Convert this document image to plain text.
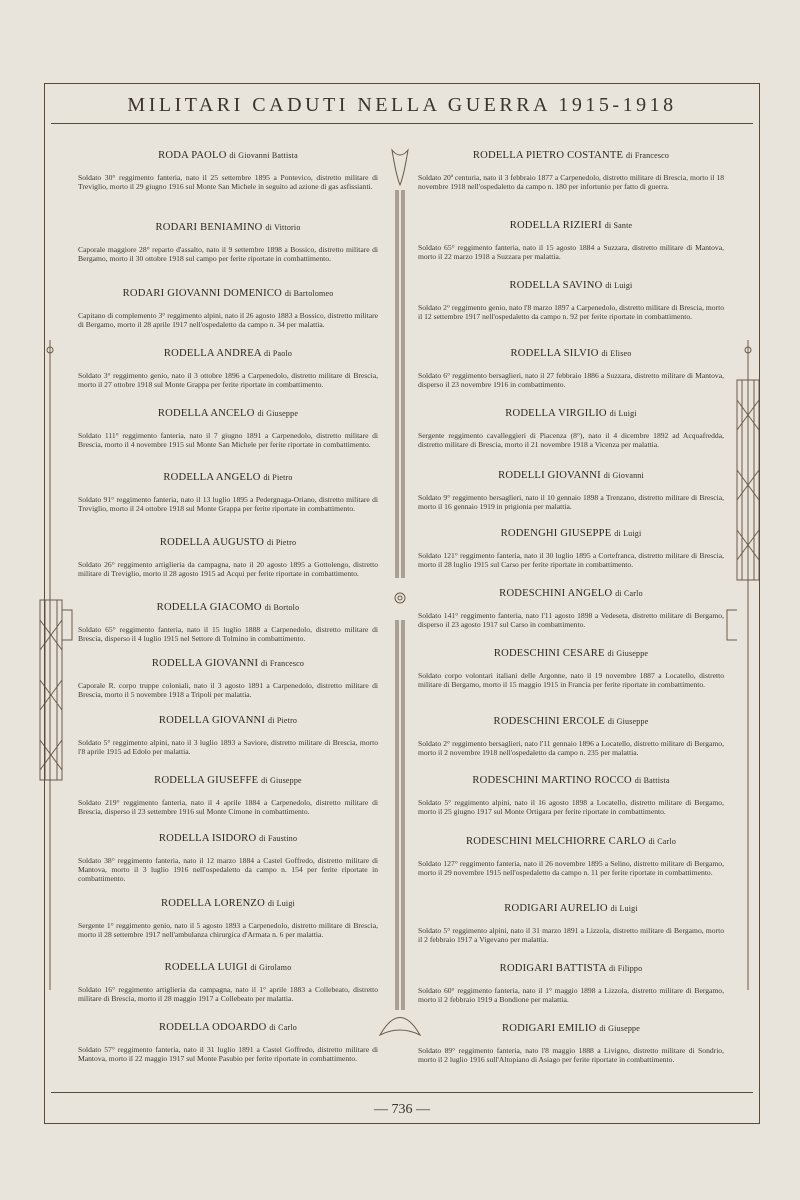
MILITARI CADUTI NELLA GUERRA 1915-1918
— 736 —
RODA PAOLO di Giovanni Battista
Soldato 30° reggimento fanteria, nato il 25 settembre 1895 a Pontevico, distretto militare di Treviglio, morto il 29 giugno 1916 sul Monte San Michele in seguito ad azione di gas asfissianti.
RODARI BENIAMINO di Vittorio
Caporale maggiore 28° reparto d'assalto, nato il 9 settembre 1898 a Bossico, distretto militare di Bergamo, morto il 30 ottobre 1918 sul campo per ferite riportate in combattimento.
RODARI GIOVANNI DOMENICO di Bartolomeo
Capitano di complemento 3° reggimento alpini, nato il 26 agosto 1883 a Bossico, distretto militare di Bergamo, morto il 28 aprile 1917 nell'ospedaletto da campo n. 34 per malattia.
RODELLA ANDREA di Paolo
Soldato 3° reggimento genio, nato il 3 ottobre 1896 a Carpenedolo, distretto militare di Brescia, morto il 27 ottobre 1918 sul Monte Grappa per ferite riportate in combattimento.
RODELLA ANCELO di Giuseppe
Soldato 111° reggimento fanteria, nato il 7 giugno 1891 a Carpenedolo, distretto militare di Brescia, morto il 4 novembre 1915 sul Monte San Michele per ferite riportate in combattimento.
RODELLA ANGELO di Pietro
Soldato 91° reggimento fanteria, nato il 13 luglio 1895 a Pedergnaga-Oriano, distretto militare di Treviglio, morto il 24 ottobre 1918 sul Monte Grappa per ferite riportate in combattimento.
RODELLA AUGUSTO di Pietro
Soldato 26° reggimento artiglieria da campagna, nato il 20 agosto 1895 a Gottolengo, distretto militare di Treviglio, morto il 28 agosto 1915 ad Acqui per ferite riportate in combattimento.
RODELLA GIACOMO di Bortolo
Soldato 65° reggimento fanteria, nato il 15 luglio 1888 a Carpenedolo, distretto militare di Brescia, disperso il 4 luglio 1915 nel Settore di Tolmino in combattimento.
RODELLA GIOVANNI di Francesco
Caporale R. corpo truppe coloniali, nato il 3 agosto 1891 a Carpenedolo, distretto militare di Brescia, morto il 5 novembre 1918 a Tripoli per malattia.
RODELLA GIOVANNI di Pietro
Soldato 5° reggimento alpini, nato il 3 luglio 1893 a Saviore, distretto militare di Brescia, morto l'8 aprile 1915 ad Edolo per malattia.
RODELLA GIUSEFFE di Giuseppe
Soldato 219° reggimento fanteria, nato il 4 aprile 1884 a Carpenedolo, distretto militare di Brescia, disperso il 23 settembre 1916 sul Monte Cimone in combattimento.
RODELLA ISIDORO di Faustino
Soldato 38° reggimento fanteria, nato il 12 marzo 1884 a Castel Goffredo, distretto militare di Mantova, morto il 3 luglio 1916 nell'ospedaletto da campo n. 154 per ferite riportate in combattimento.
RODELLA LORENZO di Luigi
Sergente 1° reggimento genio, nato il 5 agosto 1893 a Carpenedolo, distretto militare di Brescia, morto il 28 settembre 1917 nell'ambulanza chirurgica d'Armata n. 6 per malattia.
RODELLA LUIGI di Girolamo
Soldato 16° reggimento artiglieria da campagna, nato il 1° aprile 1883 a Collebeato, distretto militare di Brescia, morto il 28 maggio 1917 a Collebeato per malattia.
RODELLA ODOARDO di Carlo
Soldato 57° reggimento fanteria, nato il 31 luglio 1891 a Castel Goffredo, distretto militare di Mantova, morto il 22 maggio 1917 sul Monte Pasubio per ferite riportate in combattimento.
RODELLA PIETRO COSTANTE di Francesco
Soldato 20ª centuria, nato il 3 febbraio 1877 a Carpenedolo, distretto militare di Brescia, morto il 18 novembre 1918 nell'ospedaletto da campo n. 180 per infortunio per fatto di guerra.
RODELLA RIZIERI di Sante
Soldato 65° reggimento fanteria, nato il 15 agosto 1884 a Suzzara, distretto militare di Mantova, morto il 22 marzo 1918 a Suzzara per malattia.
RODELLA SAVINO di Luigi
Soldato 2° reggimento genio, nato l'8 marzo 1897 a Carpenedolo, distretto militare di Brescia, morto il 12 settembre 1917 nell'ospedaletto da campo n. 92 per ferite riportate in combattimento.
RODELLA SILVIO di Eliseo
Soldato 6° reggimento bersaglieri, nato il 27 febbraio 1886 a Suzzara, distretto militare di Mantova, disperso il 23 novembre 1916 in combattimento.
RODELLA VIRGILIO di Luigi
Sergente reggimento cavalleggieri di Piacenza (8°), nato il 4 dicembre 1892 ad Acquafredda, distretto militare di Brescia, morto il 21 novembre 1918 a Vicenza per malattia.
RODELLI GIOVANNI di Giovanni
Soldato 9° reggimento bersaglieri, nato il 10 gennaio 1898 a Trenzano, distretto militare di Brescia, morto il 16 gennaio 1919 in prigionia per malattia.
RODENGHI GIUSEPPE di Luigi
Soldato 121° reggimento fanteria, nato il 30 luglio 1895 a Cortefranca, distretto militare di Brescia, morto il 28 luglio 1915 sul Carso per ferite riportate in combattimento.
RODESCHINI ANGELO di Carlo
Soldato 141° reggimento fanteria, nato l'11 agosto 1898 a Vedeseta, distretto militare di Bergamo, disperso il 23 agosto 1917 sul Carso in combattimento.
RODESCHINI CESARE di Giuseppe
Soldato corpo volontari italiani delle Argonne, nato il 19 novembre 1887 a Locatello, distretto militare di Bergamo, morto il 15 maggio 1915 in Francia per ferite riportate in combattimento.
RODESCHINI ERCOLE di Giuseppe
Soldato 2° reggimento bersaglieri, nato l'11 gennaio 1896 a Locatello, distretto militare di Bergamo, morto il 2 novembre 1918 nell'ospedaletto da campo n. 235 per malattia.
RODESCHINI MARTINO ROCCO di Battista
Soldato 5° reggimento alpini, nato il 16 agosto 1898 a Locatello, distretto militare di Bergamo, morto il 25 giugno 1917 sul Monte Ortigara per ferite riportate in combattimento.
RODESCHINI MELCHIORRE CARLO di Carlo
Soldato 127° reggimento fanteria, nato il 26 novembre 1895 a Selino, distretto militare di Bergamo, morto il 29 novembre 1915 nell'ospedaletto da campo n. 11 per ferite riportate in combattimento.
RODIGARI AURELIO di Luigi
Soldato 5° reggimento alpini, nato il 31 marzo 1891 a Lizzola, distretto militare di Bergamo, morto il 2 febbraio 1917 a Vigevano per malattia.
RODIGARI BATTISTA di Filippo
Soldato 60° reggimento fanteria, nato il 1° maggio 1898 a Lizzola, distretto militare di Bergamo, morto il 2 febbraio 1919 a Bondione per malattia.
RODIGARI EMILIO di Giuseppe
Soldato 89° reggimento fanteria, nato l'8 maggio 1888 a Livigno, distretto militare di Sondrio, morto il 2 luglio 1916 sull'Altopiano di Asiago per ferite riportate in combattimento.
